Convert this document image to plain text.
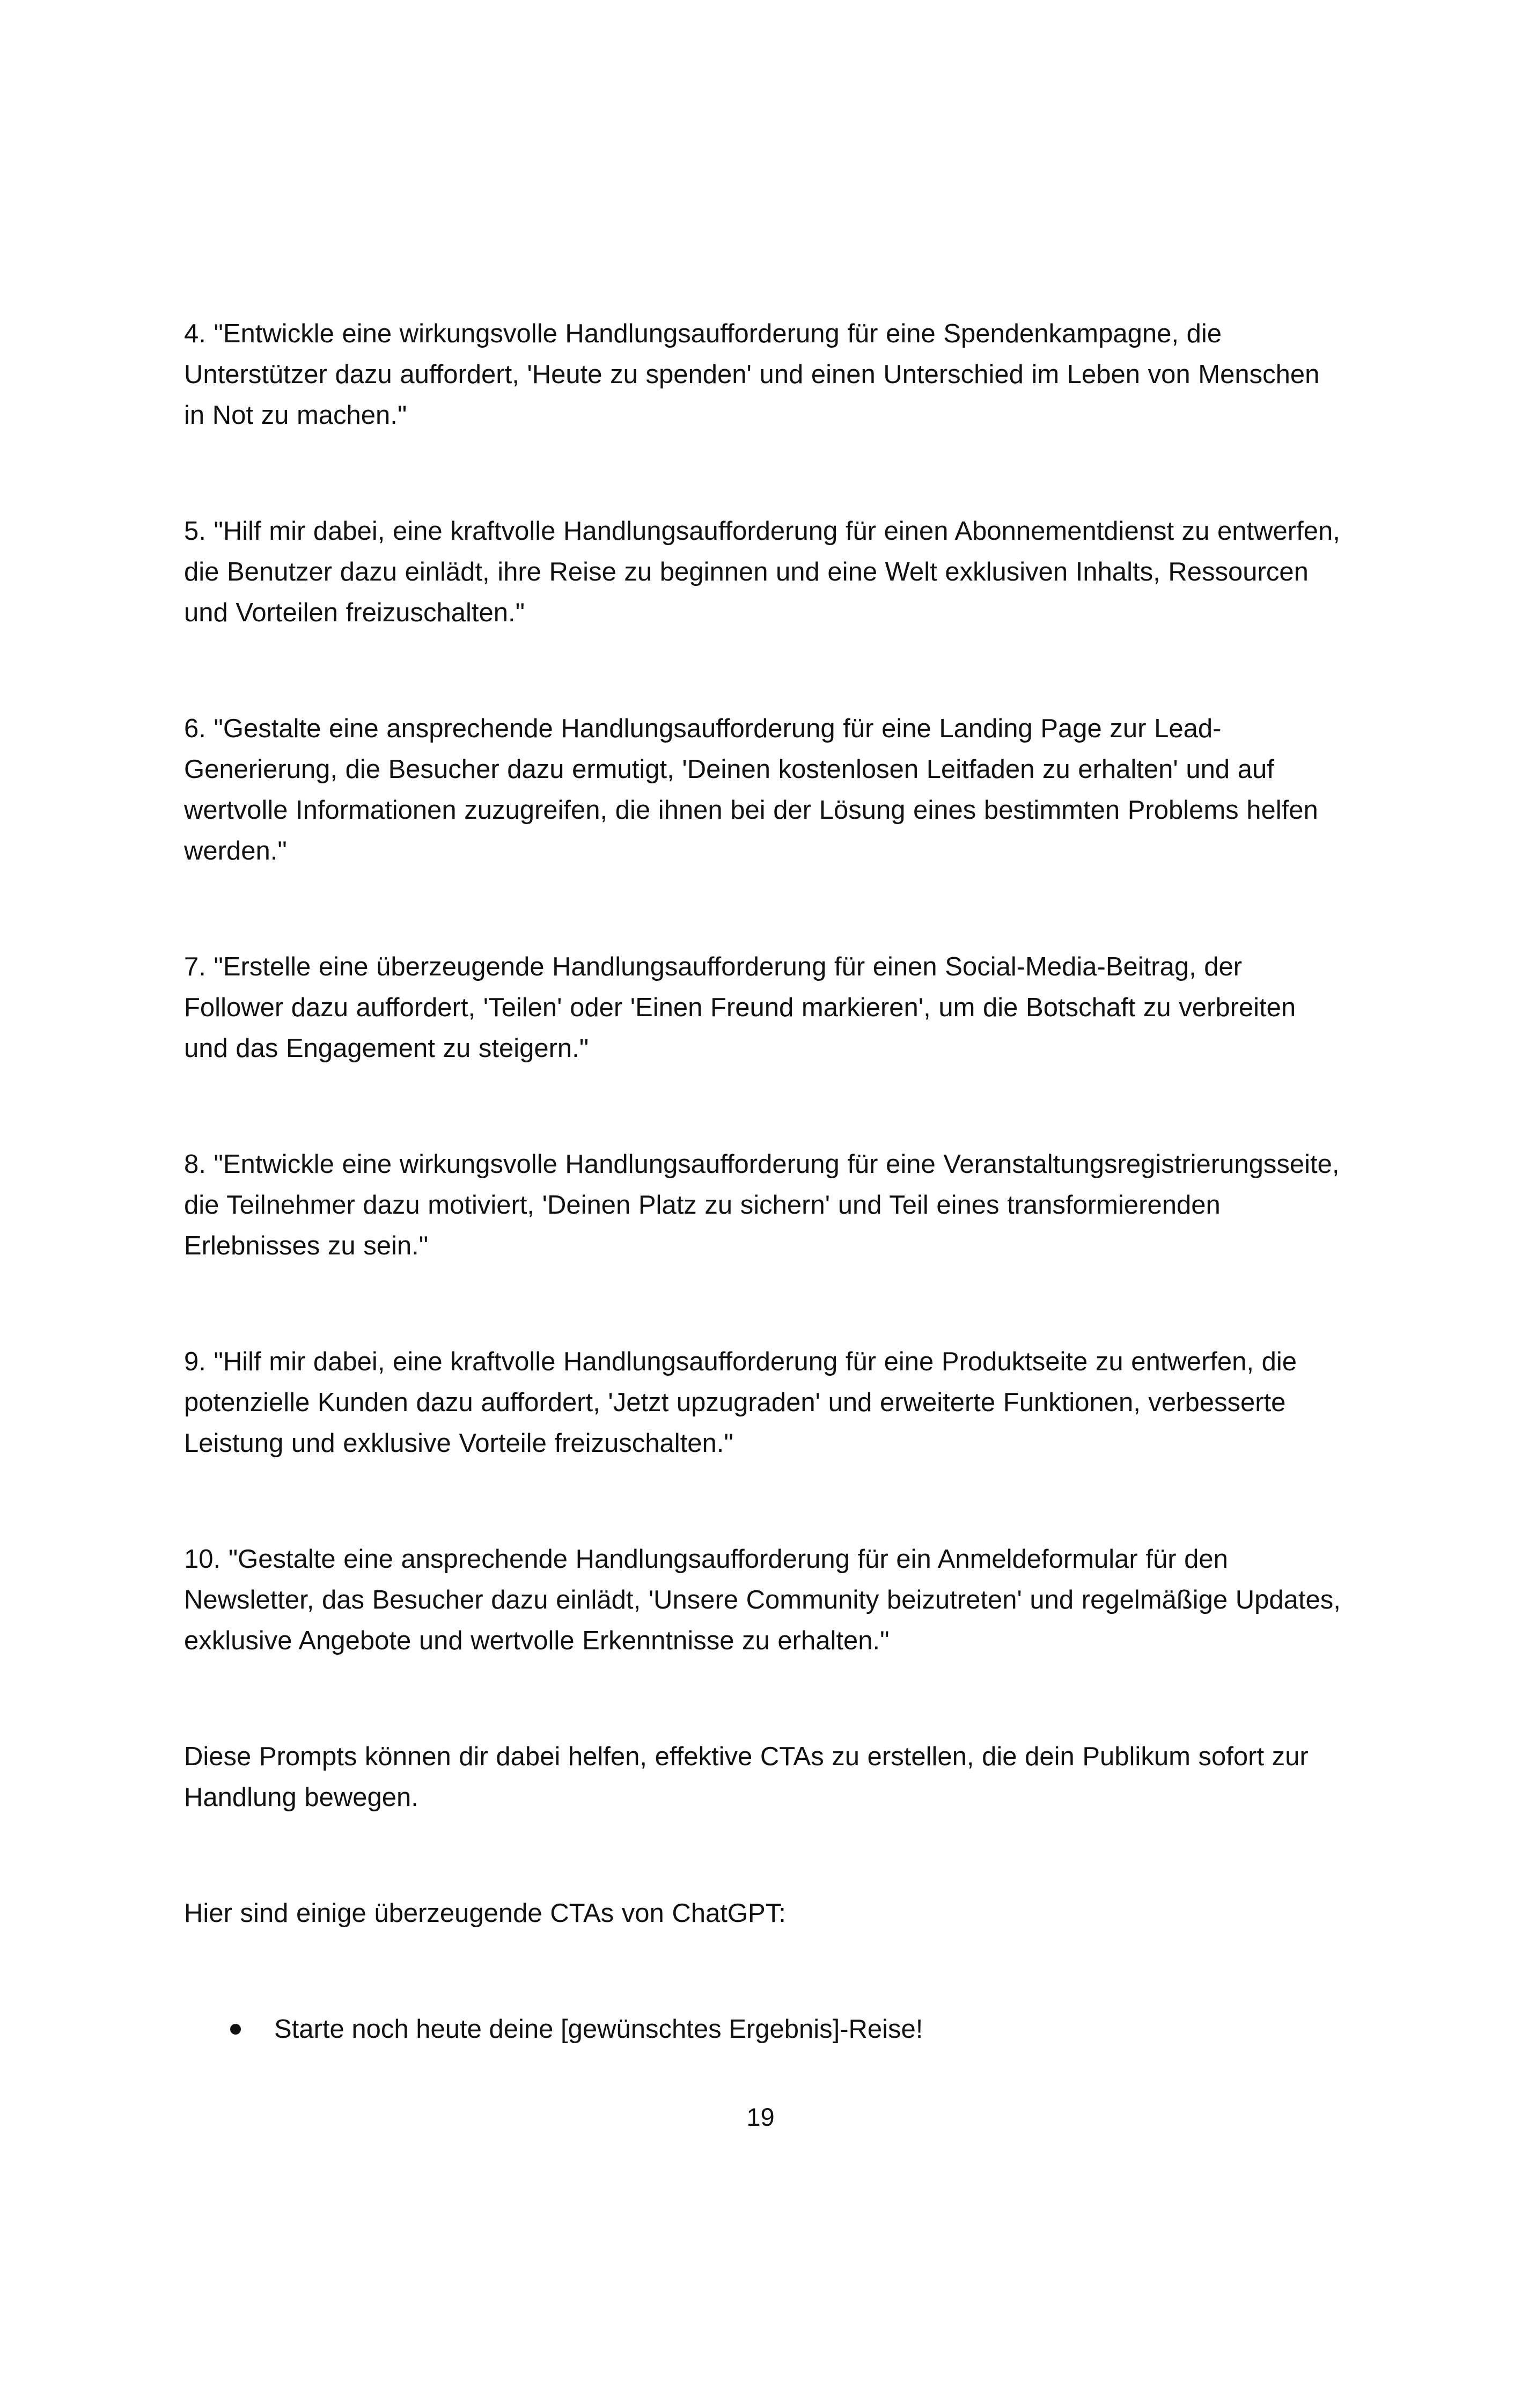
4. "Entwickle eine wirkungsvolle Handlungsaufforderung für eine Spendenkampagne, die Unterstützer dazu auffordert, 'Heute zu spenden' und einen Unterschied im Leben von Menschen in Not zu machen."

5. "Hilf mir dabei, eine kraftvolle Handlungsaufforderung für einen Abonnementdienst zu entwerfen, die Benutzer dazu einlädt, ihre Reise zu beginnen und eine Welt exklusiven Inhalts, Ressourcen und Vorteilen freizuschalten."

6. "Gestalte eine ansprechende Handlungsaufforderung für eine Landing Page zur Lead-Generierung, die Besucher dazu ermutigt, 'Deinen kostenlosen Leitfaden zu erhalten' und auf wertvolle Informationen zuzugreifen, die ihnen bei der Lösung eines bestimmten Problems helfen werden."

7. "Erstelle eine überzeugende Handlungsaufforderung für einen Social-Media-Beitrag, der Follower dazu auffordert, 'Teilen' oder 'Einen Freund markieren', um die Botschaft zu verbreiten und das Engagement zu steigern."

8. "Entwickle eine wirkungsvolle Handlungsaufforderung für eine Veranstaltungsregistrierungsseite, die Teilnehmer dazu motiviert, 'Deinen Platz zu sichern' und Teil eines transformierenden Erlebnisses zu sein."

9. "Hilf mir dabei, eine kraftvolle Handlungsaufforderung für eine Produktseite zu entwerfen, die potenzielle Kunden dazu auffordert, 'Jetzt upzugraden' und erweiterte Funktionen, verbesserte Leistung und exklusive Vorteile freizuschalten."

10. "Gestalte eine ansprechende Handlungsaufforderung für ein Anmeldeformular für den Newsletter, das Besucher dazu einlädt, 'Unsere Community beizutreten' und regelmäßige Updates, exklusive Angebote und wertvolle Erkenntnisse zu erhalten."

Diese Prompts können dir dabei helfen, effektive CTAs zu erstellen, die dein Publikum sofort zur Handlung bewegen.

Hier sind einige überzeugende CTAs von ChatGPT:

Starte noch heute deine [gewünschtes Ergebnis]-Reise!
19
